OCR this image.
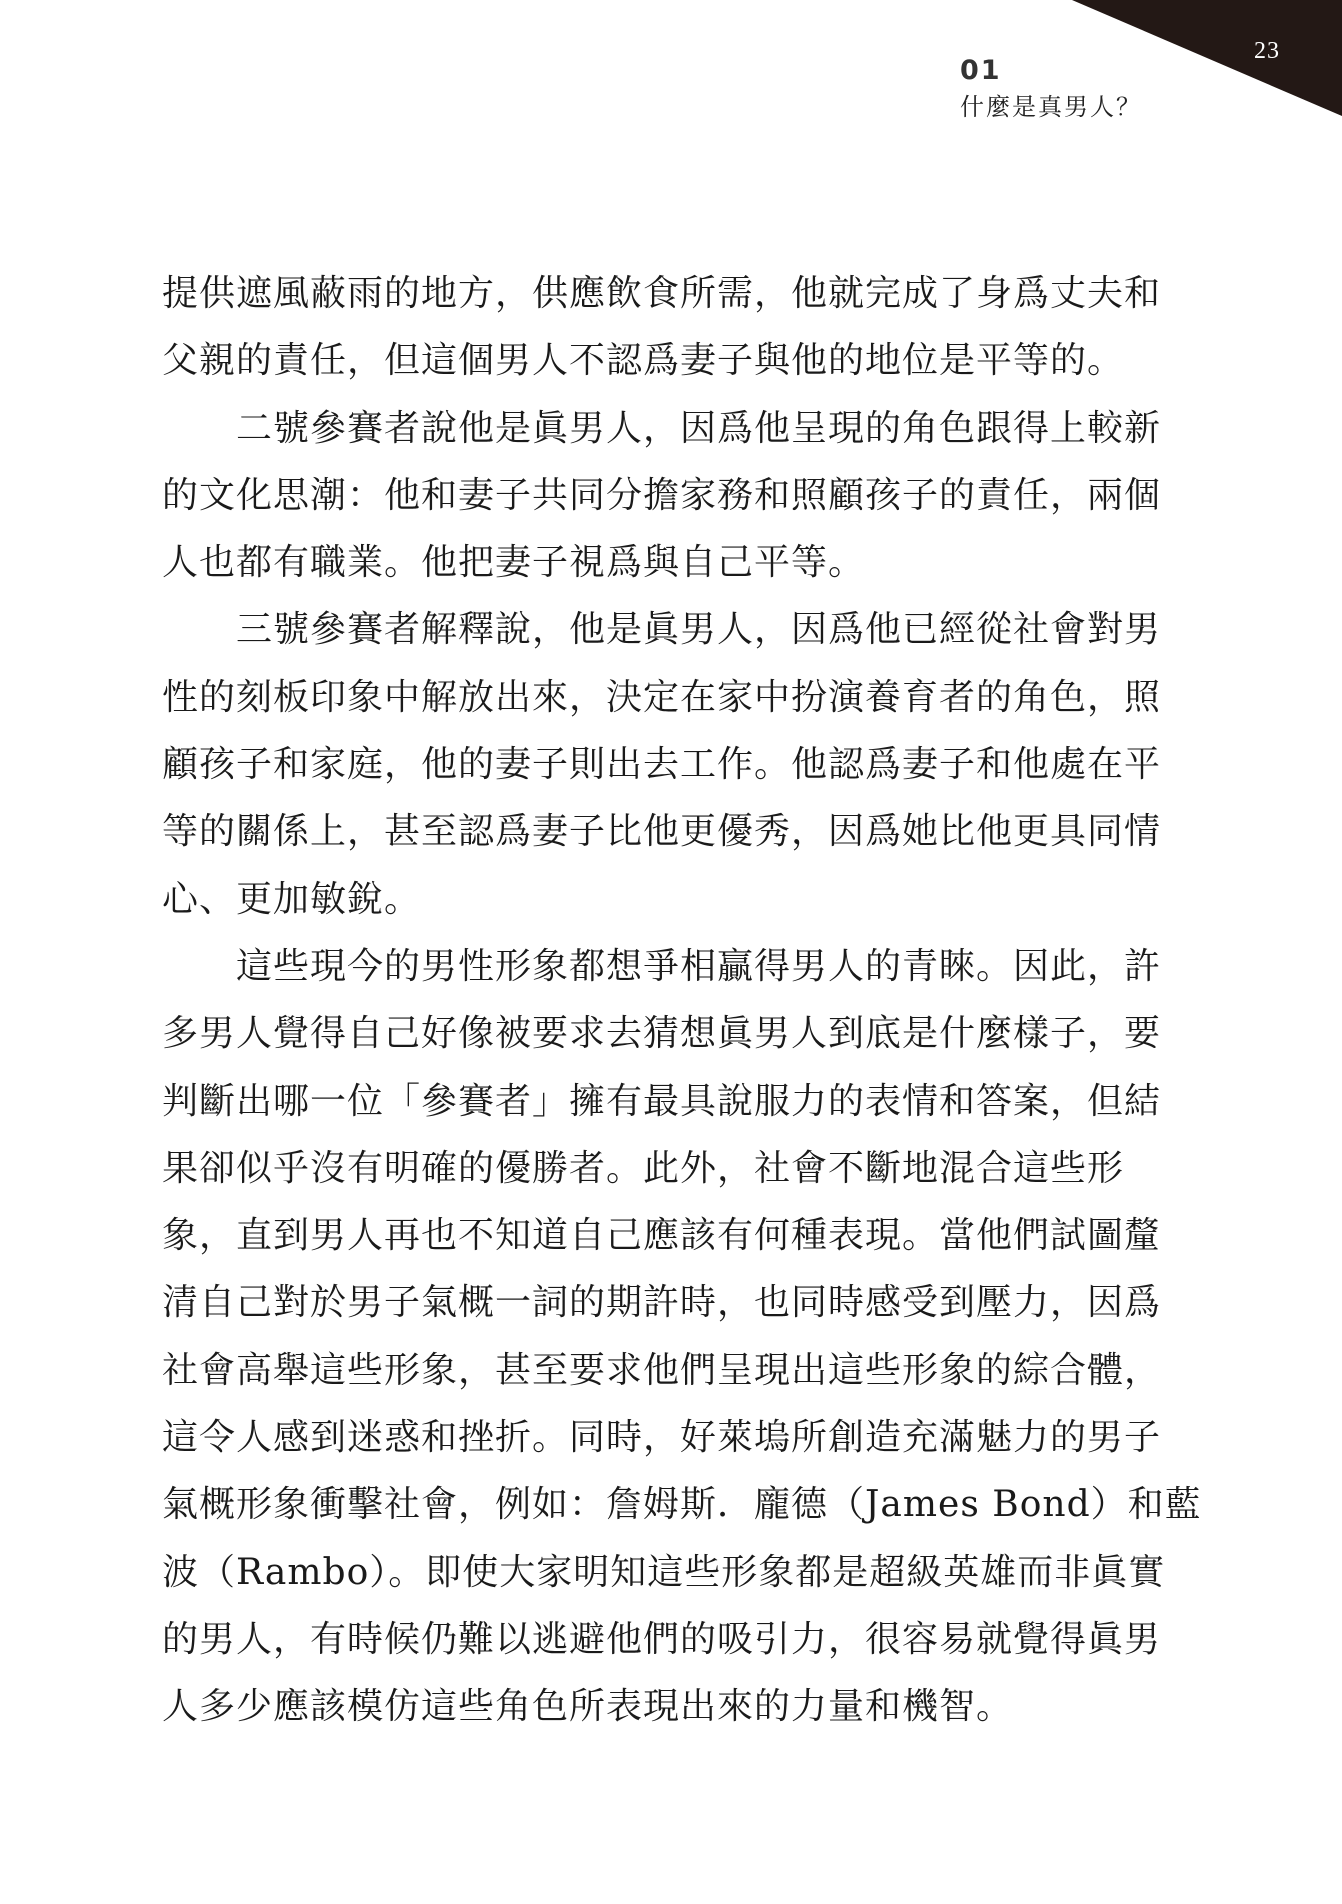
23
01
什麼是真男人？
提供遮風蔽雨的地方，供應飲食所需，他就完成了身爲丈夫和
父親的責任，但這個男人不認爲妻子與他的地位是平等的。
二號參賽者說他是眞男人，因爲他呈現的角色跟得上較新
的文化思潮：他和妻子共同分擔家務和照顧孩子的責任，兩個
人也都有職業。他把妻子視爲與自己平等。
三號參賽者解釋說，他是眞男人，因爲他已經從社會對男
性的刻板印象中解放出來，決定在家中扮演養育者的角色，照
顧孩子和家庭，他的妻子則出去工作。他認爲妻子和他處在平
等的關係上，甚至認爲妻子比他更優秀，因爲她比他更具同情
心、更加敏銳。
這些現今的男性形象都想爭相贏得男人的青睞。因此，許
多男人覺得自己好像被要求去猜想眞男人到底是什麼樣子，要
判斷出哪一位「參賽者」擁有最具說服力的表情和答案，但結
果卻似乎沒有明確的優勝者。此外，社會不斷地混合這些形
象，直到男人再也不知道自己應該有何種表現。當他們試圖釐
清自己對於男子氣概一詞的期許時，也同時感受到壓力，因爲
社會高舉這些形象，甚至要求他們呈現出這些形象的綜合體，
這令人感到迷惑和挫折。同時，好萊塢所創造充滿魅力的男子
氣概形象衝擊社會，例如：詹姆斯．龐德（James Bond）和藍
波（Rambo）。即使大家明知這些形象都是超級英雄而非眞實
的男人，有時候仍難以逃避他們的吸引力，很容易就覺得眞男
人多少應該模仿這些角色所表現出來的力量和機智。
